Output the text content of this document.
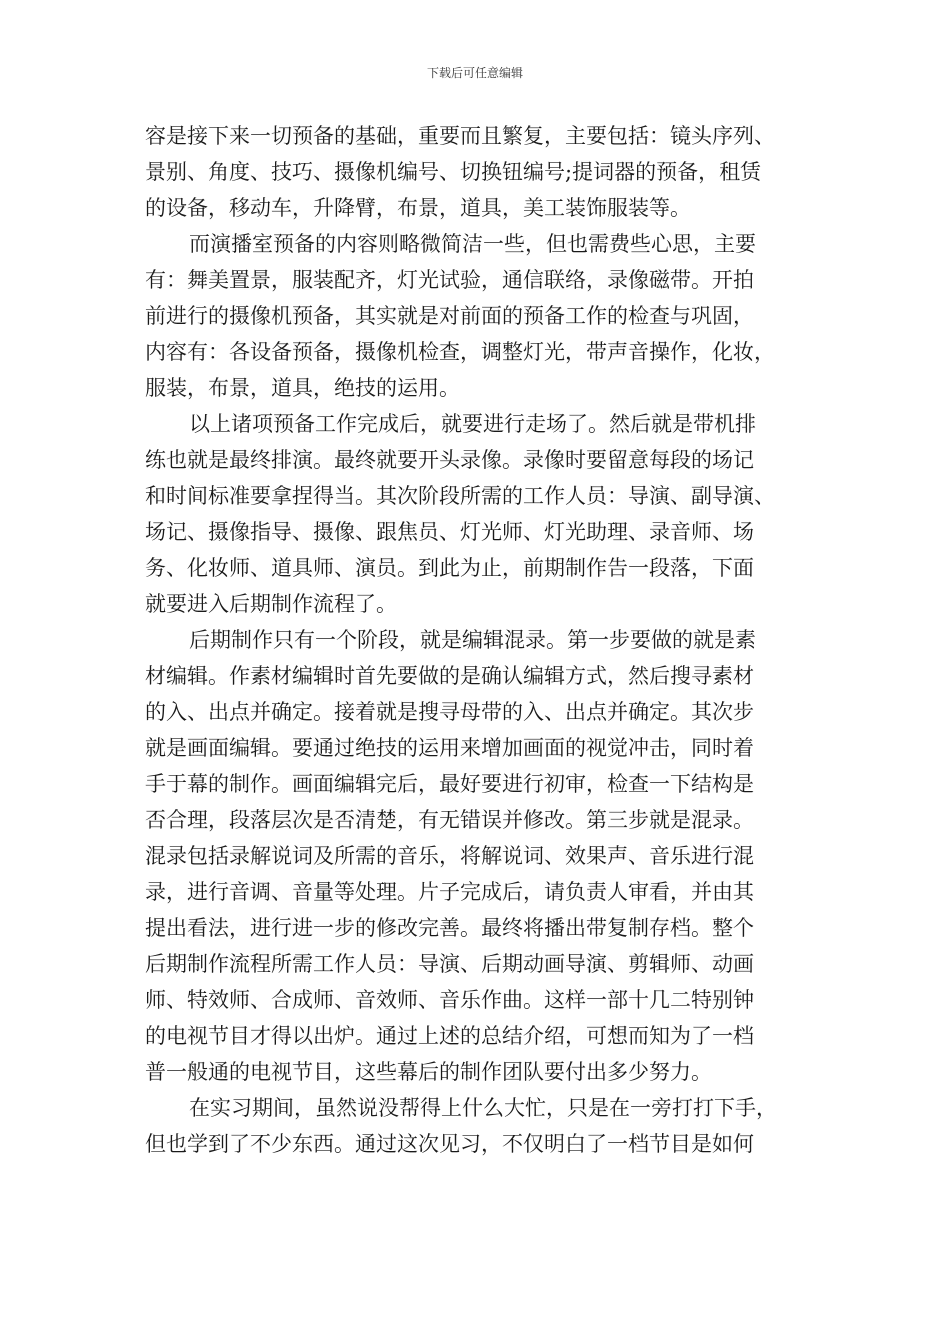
下载后可任意编辑
容是接下来一切预备的基础，重要而且繁复，主要包括：镜头序列、
景别、角度、技巧、摄像机编号、切换钮编号;提词器的预备，租赁
的设备，移动车，升降臂，布景，道具，美工装饰服装等。
而演播室预备的内容则略微简洁一些，但也需费些心思，主要
有：舞美置景，服装配齐，灯光试验，通信联络，录像磁带。开拍
前进行的摄像机预备，其实就是对前面的预备工作的检查与巩固，
内容有：各设备预备，摄像机检查，调整灯光，带声音操作，化妆，
服装，布景，道具，绝技的运用。
以上诸项预备工作完成后，就要进行走场了。然后就是带机排
练也就是最终排演。最终就要开头录像。录像时要留意每段的场记
和时间标准要拿捏得当。其次阶段所需的工作人员：导演、副导演、
场记、摄像指导、摄像、跟焦员、灯光师、灯光助理、录音师、场
务、化妆师、道具师、演员。到此为止，前期制作告一段落，下面
就要进入后期制作流程了。
后期制作只有一个阶段，就是编辑混录。第一步要做的就是素
材编辑。作素材编辑时首先要做的是确认编辑方式，然后搜寻素材
的入、出点并确定。接着就是搜寻母带的入、出点并确定。其次步
就是画面编辑。要通过绝技的运用来增加画面的视觉冲击，同时着
手于幕的制作。画面编辑完后，最好要进行初审，检查一下结构是
否合理，段落层次是否清楚，有无错误并修改。第三步就是混录。
混录包括录解说词及所需的音乐，将解说词、效果声、音乐进行混
录，进行音调、音量等处理。片子完成后，请负责人审看，并由其
提出看法，进行进一步的修改完善。最终将播出带复制存档。整个
后期制作流程所需工作人员：导演、后期动画导演、剪辑师、动画
师、特效师、合成师、音效师、音乐作曲。这样一部十几二特别钟
的电视节目才得以出炉。通过上述的总结介绍，可想而知为了一档
普一般通的电视节目，这些幕后的制作团队要付出多少努力。
在实习期间，虽然说没帮得上什么大忙，只是在一旁打打下手，
但也学到了不少东西。通过这次见习，不仅明白了一档节目是如何
